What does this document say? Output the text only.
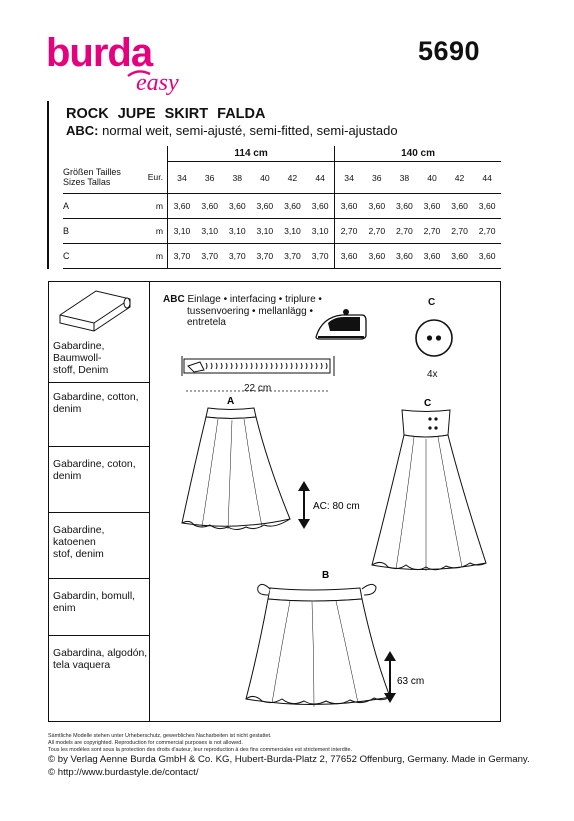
burda
easy
5690
ROCK JUPE SKIRT FALDA
ABC: normal weit, semi-ajusté, semi-fitted, semi-ajustado
		114 cm						140 cm					

Größen Tailles
Sizes Tallas	Eur.	34	36	38	40	42	44	34	36	38	40	42	44
A	m	3,60	3,60	3,60	3,60	3,60	3,60	3,60	3,60	3,60	3,60	3,60	3,60
B	m	3,10	3,10	3,10	3,10	3,10	3,10	2,70	2,70	2,70	2,70	2,70	2,70
C	m	3,70	3,70	3,70	3,70	3,70	3,70	3,60	3,60	3,60	3,60	3,60	3,60
Gabardine, Baumwoll-
stoff, Denim
Gabardine, cotton,
denim
Gabardine, coton,
denim
Gabardine, katoenen
stof, denim
Gabardin, bomull,
enim
Gabardina, algodón,
tela vaquera
ABC Einlage • interfacing • triplure •
tussenvoering • mellanlägg •
entretela
C
4x
22 cm
A
AC: 80 cm
C
B
63 cm
Sämtliche Modelle stehen unter Urheberschutz, gewerbliches Nacharbeiten ist nicht gestattet.
All models are copyrighted. Reproduction for commercial purposes is not allowed.
Tous les modèles sont sous la protection des droits d'auteur, leur reproduction à des fins commerciales est strictement interdite.
© by Verlag Aenne Burda GmbH & Co. KG, Hubert-Burda-Platz 2, 77652 Offenburg, Germany. Made in Germany.
© http://www.burdastyle.de/contact/
